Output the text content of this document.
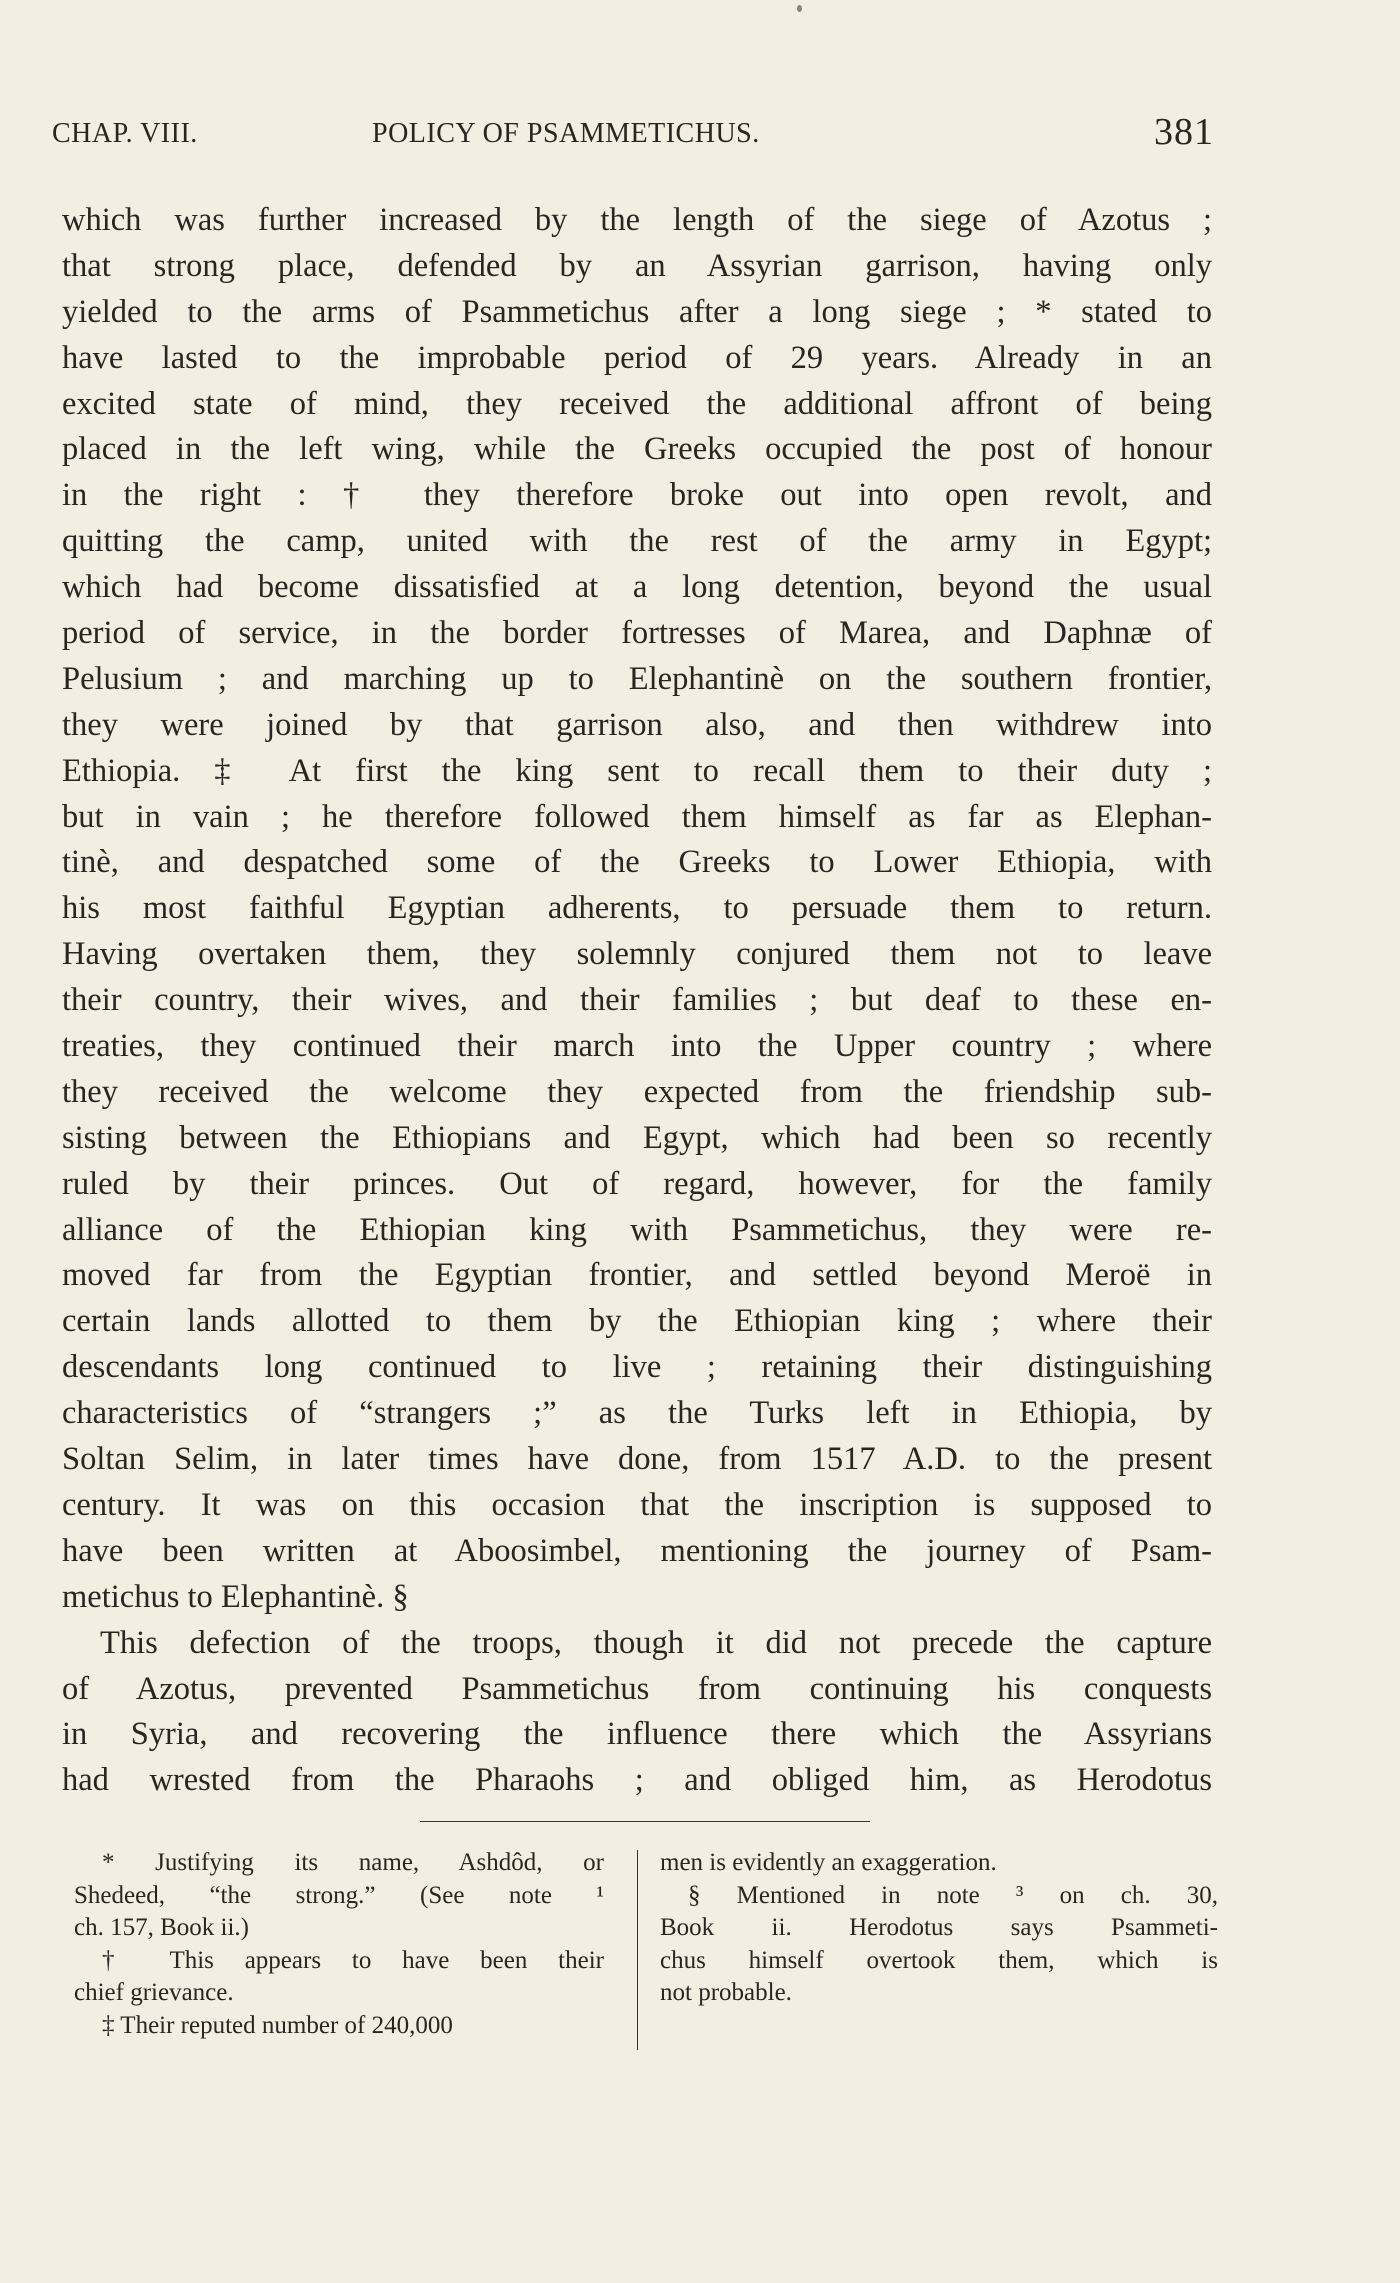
CHAP. VIII.	POLICY OF PSAMMETICHUS.	381
which was further increased by the length of the siege of Azotus ;
that strong place, defended by an Assyrian garrison, having only
yielded to the arms of Psammetichus after a long siege ; * stated to
have lasted to the improbable period of 29 years. Already in an
excited state of mind, they received the additional affront of being
placed in the left wing, while the Greeks occupied the post of honour
in the right : † they therefore broke out into open revolt, and
quitting the camp, united with the rest of the army in Egypt;
which had become dissatisfied at a long detention, beyond the usual
period of service, in the border fortresses of Marea, and Daphnæ of
Pelusium ; and marching up to Elephantinè on the southern frontier,
they were joined by that garrison also, and then withdrew into
Ethiopia. ‡ At first the king sent to recall them to their duty ;
but in vain ; he therefore followed them himself as far as Elephan-
tinè, and despatched some of the Greeks to Lower Ethiopia, with
his most faithful Egyptian adherents, to persuade them to return.
Having overtaken them, they solemnly conjured them not to leave
their country, their wives, and their families ; but deaf to these en-
treaties, they continued their march into the Upper country ; where
they received the welcome they expected from the friendship sub-
sisting between the Ethiopians and Egypt, which had been so recently
ruled by their princes. Out of regard, however, for the family
alliance of the Ethiopian king with Psammetichus, they were re-
moved far from the Egyptian frontier, and settled beyond Meroë in
certain lands allotted to them by the Ethiopian king ; where their
descendants long continued to live ; retaining their distinguishing
characteristics of “strangers ;” as the Turks left in Ethiopia, by
Soltan Selim, in later times have done, from 1517 A.D. to the present
century. It was on this occasion that the inscription is supposed to
have been written at Aboosimbel, mentioning the journey of Psam-
metichus to Elephantinè. §
This defection of the troops, though it did not precede the capture
of Azotus, prevented Psammetichus from continuing his conquests
in Syria, and recovering the influence there which the Assyrians
had wrested from the Pharaohs ; and obliged him, as Herodotus
* Justifying its name, Ashdôd, or
Shedeed, “the strong.” (See note ¹
ch. 157, Book ii.)
† This appears to have been their
chief grievance.
‡ Their reputed number of 240,000
men is evidently an exaggeration.
§ Mentioned in note ³ on ch. 30,
Book ii. Herodotus says Psammeti-
chus himself overtook them, which is
not probable.
